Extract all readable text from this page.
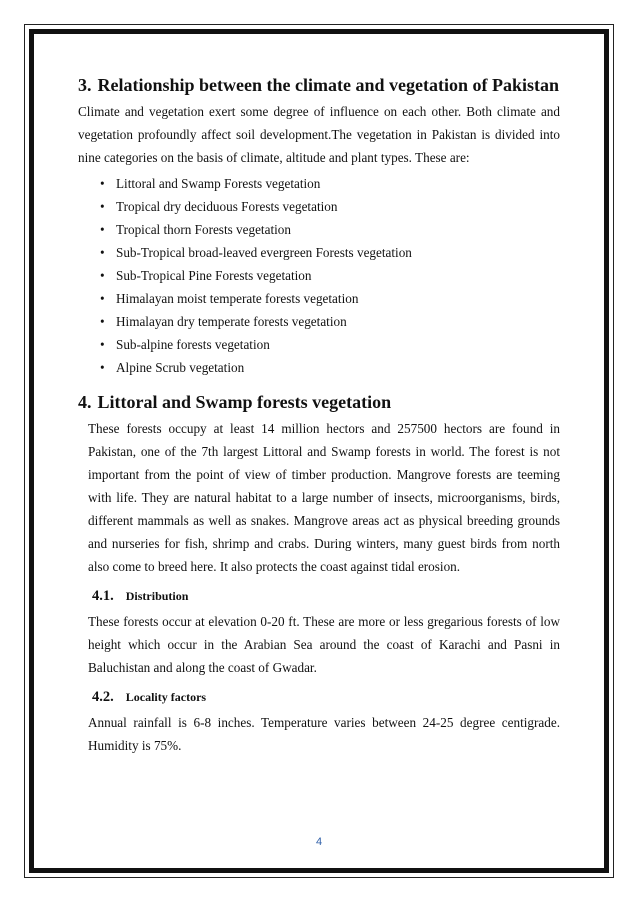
3. Relationship between the climate and vegetation of Pakistan

Climate and vegetation exert some degree of influence on each other. Both climate and vegetation profoundly affect soil development.The vegetation in Pakistan is divided into nine categories on the basis of climate, altitude and plant types. These are:

• Littoral and Swamp Forests vegetation
• Tropical dry deciduous Forests vegetation
• Tropical thorn Forests vegetation
• Sub-Tropical broad-leaved evergreen Forests vegetation
• Sub-Tropical Pine Forests vegetation
• Himalayan moist temperate forests vegetation
• Himalayan dry temperate forests vegetation
• Sub-alpine forests vegetation
• Alpine Scrub vegetation
4. Littoral and Swamp forests vegetation

These forests occupy at least 14 million hectors and 257500 hectors are found in Pakistan, one of the 7th largest Littoral and Swamp forests in world. The forest is not important from the point of view of timber production. Mangrove forests are teeming with life. They are natural habitat to a large number of insects, microorganisms, birds, different mammals as well as snakes. Mangrove areas act as physical breeding grounds and nurseries for fish, shrimp and crabs. During winters, many guest birds from north also come to breed here. It also protects the coast against tidal erosion.

4.1. Distribution

These forests occur at elevation 0-20 ft. These are more or less gregarious forests of low height which occur in the Arabian Sea around the coast of Karachi and Pasni in Baluchistan and along the coast of Gwadar.

4.2. Locality factors

Annual rainfall is 6-8 inches. Temperature varies between 24-25 degree centigrade. Humidity is 75%.

4
